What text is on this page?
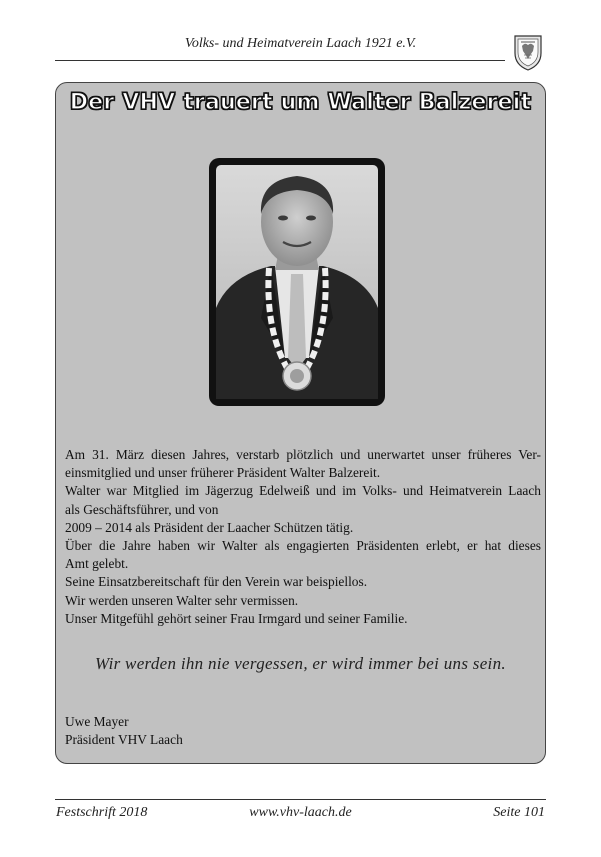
Volks- und Heimatverein Laach 1921 e.V.
Der VHV trauert um Walter Balzereit

Am 31. März diesen Jahres, verstarb plötzlich und unerwartet unser früheres Ver-

einsmitglied und unser früherer Präsident Walter Balzereit.

Walter war Mitglied im Jägerzug Edelweiß und im Volks- und Heimatverein Laach

als Geschäftsführer, und von

2009 – 2014 als Präsident der Laacher Schützen tätig.

Über die Jahre haben wir Walter als engagierten Präsidenten erlebt, er hat dieses

Amt gelebt.

Seine Einsatzbereitschaft für den Verein war beispiellos.

Wir werden unseren Walter sehr vermissen.

Unser Mitgefühl gehört seiner Frau Irmgard und seiner Familie.

Wir werden ihn nie vergessen, er wird immer bei uns sein.
Uwe Mayer
Präsident VHV Laach
Festschrift 2018	www.vhv-laach.de	Seite 101
